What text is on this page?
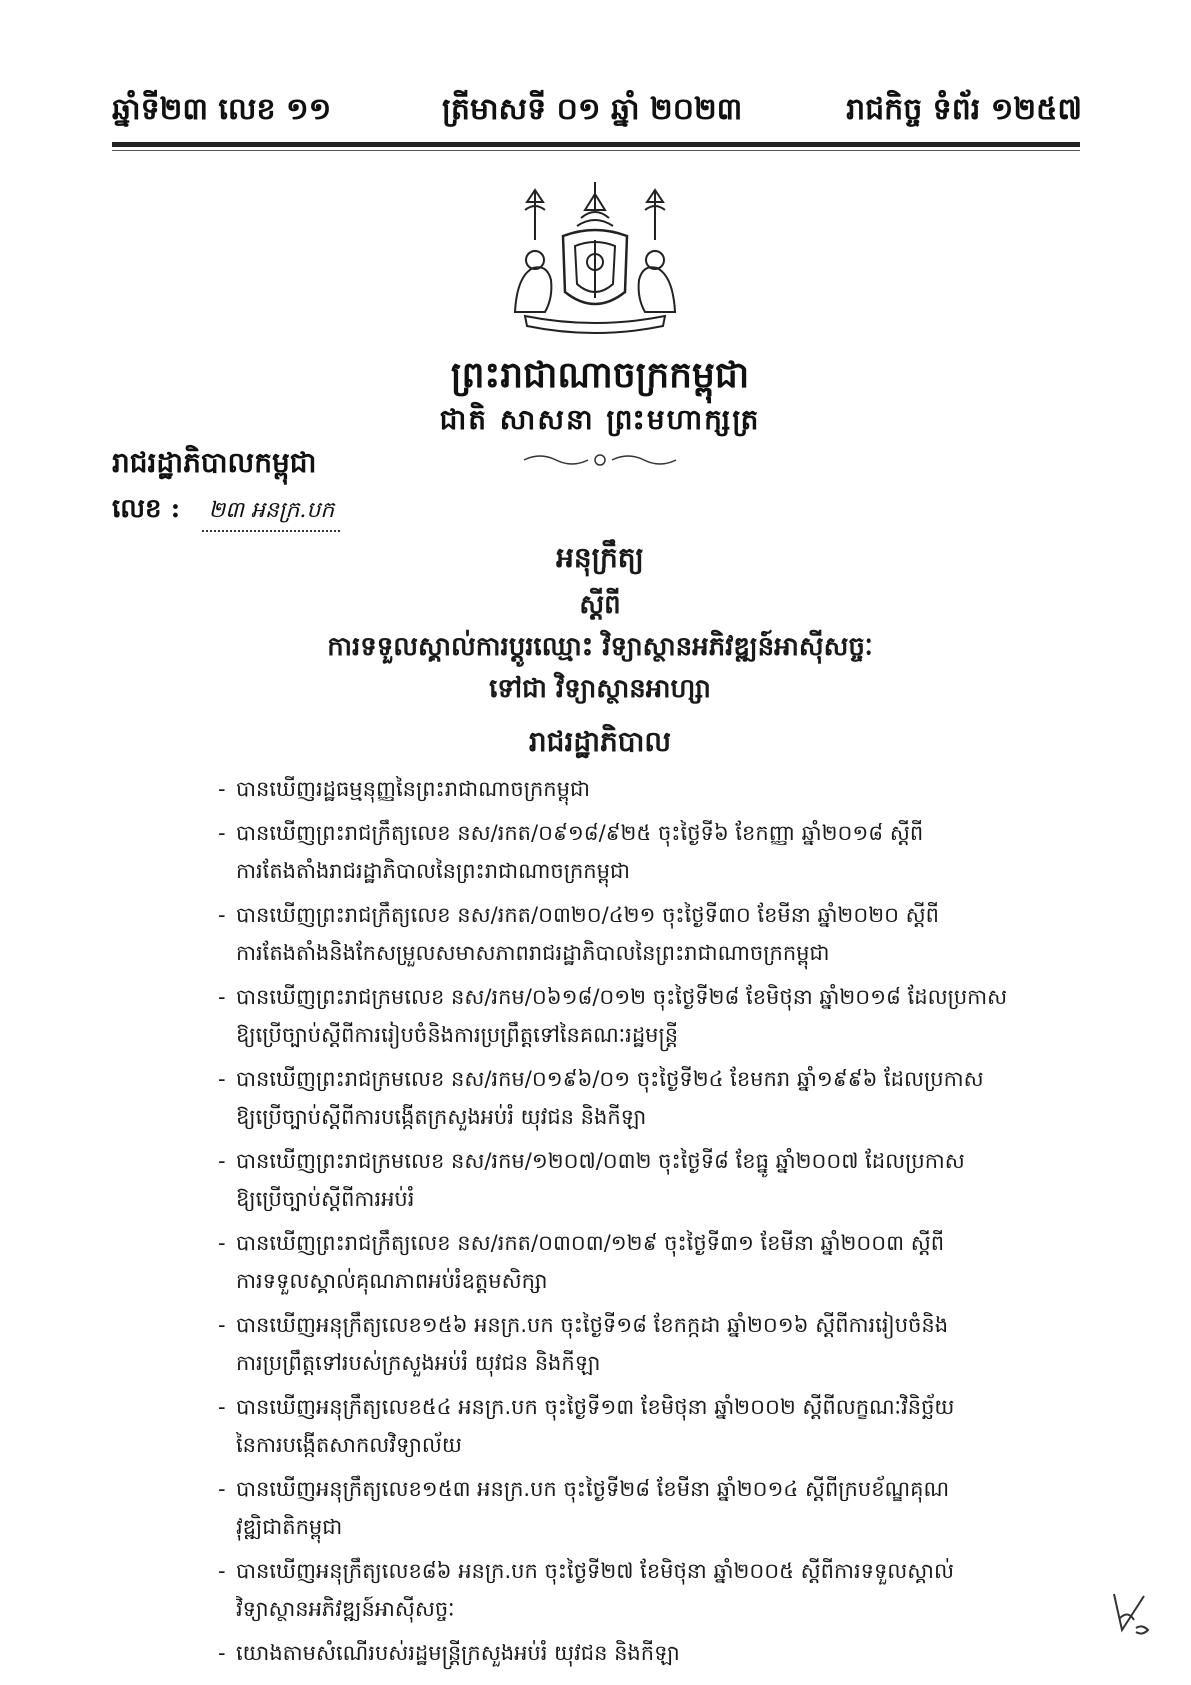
ឆ្នាំទី២៣ លេខ ១១	ត្រីមាសទី ០១ ឆ្នាំ ២០២៣	រាជកិច្ច ទំព័រ ១២៥៧
ព្រះរាជាណាចក្រកម្ពុជា
ជាតិ សាសនា ព្រះមហាក្សត្រ
រាជរដ្ឋាភិបាលកម្ពុជា
លេខ : ២៣ អនក្រ.បក
អនុក្រឹត្យ
ស្តីពី
ការទទួលស្គាល់ការប្តូរឈ្មោះ វិទ្យាស្ថានអភិវឌ្ឍន៍អាស៊ីសច្ចៈ
ទៅជា វិទ្យាស្ថានអាហ្សា
រាជរដ្ឋាភិបាល
- បានឃើញរដ្ឋធម្មនុញ្ញនៃព្រះរាជាណាចក្រកម្ពុជា
- បានឃើញព្រះរាជក្រឹត្យលេខ នស/រកត/០៩១៨/៩២៥ ចុះថ្ងៃទី៦ ខែកញ្ញា ឆ្នាំ២០១៨ ស្តីពី
ការតែងតាំងរាជរដ្ឋាភិបាលនៃព្រះរាជាណាចក្រកម្ពុជា
- បានឃើញព្រះរាជក្រឹត្យលេខ នស/រកត/០៣២០/៤២១ ចុះថ្ងៃទី៣០ ខែមីនា ឆ្នាំ២០២០ ស្តីពី
ការតែងតាំងនិងកែសម្រួលសមាសភាពរាជរដ្ឋាភិបាលនៃព្រះរាជាណាចក្រកម្ពុជា
- បានឃើញព្រះរាជក្រមលេខ នស/រកម/០៦១៨/០១២ ចុះថ្ងៃទី២៨ ខែមិថុនា ឆ្នាំ២០១៨ ដែលប្រកាស
ឱ្យប្រើច្បាប់ស្តីពីការរៀបចំនិងការប្រព្រឹត្តទៅនៃគណៈរដ្ឋមន្ត្រី
- បានឃើញព្រះរាជក្រមលេខ នស/រកម/០១៩៦/០១ ចុះថ្ងៃទី២៤ ខែមករា ឆ្នាំ១៩៩៦ ដែលប្រកាស
ឱ្យប្រើច្បាប់ស្តីពីការបង្កើតក្រសួងអប់រំ យុវជន និងកីឡា
- បានឃើញព្រះរាជក្រមលេខ នស/រកម/១២០៧/០៣២ ចុះថ្ងៃទី៨ ខែធ្នូ ឆ្នាំ២០០៧ ដែលប្រកាស
ឱ្យប្រើច្បាប់ស្តីពីការអប់រំ
- បានឃើញព្រះរាជក្រឹត្យលេខ នស/រកត/០៣០៣/១២៩ ចុះថ្ងៃទី៣១ ខែមីនា ឆ្នាំ២០០៣ ស្តីពី
ការទទួលស្គាល់គុណភាពអប់រំឧត្តមសិក្សា
- បានឃើញអនុក្រឹត្យលេខ១៥៦ អនក្រ.បក ចុះថ្ងៃទី១៨ ខែកក្កដា ឆ្នាំ២០១៦ ស្តីពីការរៀបចំនិង
ការប្រព្រឹត្តទៅរបស់ក្រសួងអប់រំ យុវជន និងកីឡា
- បានឃើញអនុក្រឹត្យលេខ៥៤ អនក្រ.បក ចុះថ្ងៃទី១៣ ខែមិថុនា ឆ្នាំ២០០២ ស្តីពីលក្ខណៈវិនិច្ឆ័យ
នៃការបង្កើតសាកលវិទ្យាល័យ
- បានឃើញអនុក្រឹត្យលេខ១៥៣ អនក្រ.បក ចុះថ្ងៃទី២៨ ខែមីនា ឆ្នាំ២០១៤ ស្តីពីក្របខ័ណ្ឌគុណ
វុឌ្ឍិជាតិកម្ពុជា
- បានឃើញអនុក្រឹត្យលេខ៨៦ អនក្រ.បក ចុះថ្ងៃទី២៧ ខែមិថុនា ឆ្នាំ២០០៥ ស្តីពីការទទួលស្គាល់
វិទ្យាស្ថានអភិវឌ្ឍន៍អាស៊ីសច្ចៈ
- យោងតាមសំណើរបស់រដ្ឋមន្ត្រីក្រសួងអប់រំ យុវជន និងកីឡា
